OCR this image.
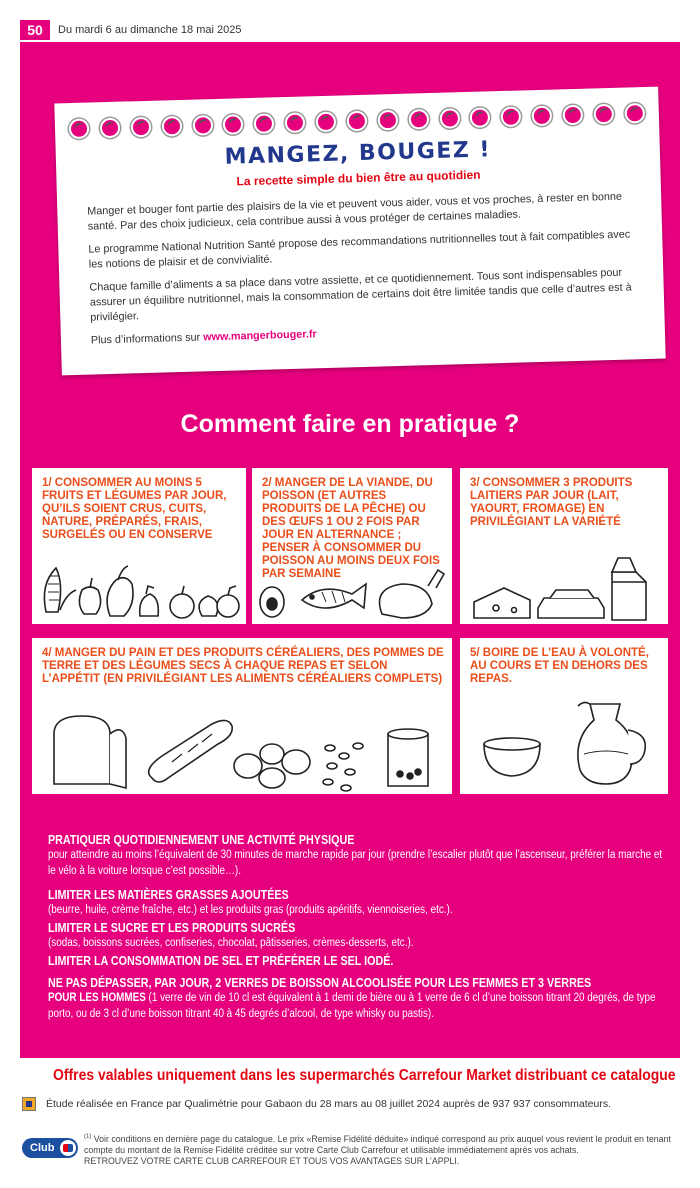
50	Du mardi 6 au dimanche 18 mai 2025
MANGEZ, BOUGEZ !
La recette simple du bien être au quotidien

Manger et bouger font partie des plaisirs de la vie et peuvent vous aider, vous et vos proches, à rester en bonne santé. Par des choix judicieux, cela contribue aussi à vous protéger de certaines maladies.

Le programme National Nutrition Santé propose des recommandations nutritionnelles tout à fait compatibles avec les notions de plaisir et de convivialité.

Chaque famille d’aliments a sa place dans votre assiette, et ce quotidiennement. Tous sont indispensables pour assurer un équilibre nutritionnel, mais la consommation de certains doit être limitée tandis que celle d’autres est à privilégier.

Plus d’informations sur www.mangerbouger.fr

Comment faire en pratique ?
1/ CONSOMMER AU MOINS 5 FRUITS ET LÉGUMES PAR JOUR, QU’ILS SOIENT CRUS, CUITS, NATURE, PRÉPARÉS, FRAIS, SURGELÉS OU EN CONSERVE
2/ MANGER DE LA VIANDE, DU POISSON (ET AUTRES PRODUITS DE LA PÊCHE) OU DES ŒUFS 1 OU 2 FOIS PAR JOUR EN ALTERNANCE ; PENSER À CONSOMMER DU POISSON AU MOINS DEUX FOIS PAR SEMAINE
3/ CONSOMMER 3 PRODUITS LAITIERS PAR JOUR (LAIT, YAOURT, FROMAGE) EN PRIVILÉGIANT LA VARIÉTÉ
4/ MANGER DU PAIN ET DES PRODUITS CÉRÉALIERS, DES POMMES DE TERRE ET DES LÉGUMES SECS À CHAQUE REPAS ET SELON L’APPÉTIT (EN PRIVILÉGIANT LES ALIMENTS CÉRÉALIERS COMPLETS)
5/ BOIRE DE L’EAU À VOLONTÉ, AU COURS ET EN DEHORS DES REPAS.
PRATIQUER QUOTIDIENNEMENT UNE ACTIVITÉ PHYSIQUE
pour atteindre au moins l’équivalent de 30 minutes de marche rapide par jour (prendre l’escalier plutôt que l’ascenseur, préférer la marche et le vélo à la voiture lorsque c’est possible…).
LIMITER LES MATIÈRES GRASSES AJOUTÉES
(beurre, huile, crème fraîche, etc.) et les produits gras (produits apéritifs, viennoiseries, etc.).
LIMITER LE SUCRE ET LES PRODUITS SUCRÉS
(sodas, boissons sucrées, confiseries, chocolat, pâtisseries, crèmes-desserts, etc.).
LIMITER LA CONSOMMATION DE SEL ET PRÉFÉRER LE SEL IODÉ.
NE PAS DÉPASSER, PAR JOUR, 2 VERRES DE BOISSON ALCOOLISÉE POUR LES FEMMES ET 3 VERRES
POUR LES HOMMES (1 verre de vin de 10 cl est équivalent à 1 demi de bière ou à 1 verre de 6 cl d’une boisson titrant 20 degrés, de type porto, ou de 3 cl d’une boisson titrant 40 à 45 degrés d’alcool, de type whisky ou pastis).
Offres valables uniquement dans les supermarchés Carrefour Market distribuant ce catalogue
Étude réalisée en France par Qualimétrie pour Gabaon du 28 mars au 08 juillet 2024 auprès de 937 937 consommateurs.
Club
$^{(1)}$ Voir conditions en dernière page du catalogue. Le prix «Remise Fidélité déduite» indiqué correspond au prix auquel vous revient le produit en tenant compte du montant de la Remise Fidélité créditée sur votre Carte Club Carrefour et utilisable immédiatement après vos achats.
RETROUVEZ VOTRE CARTE CLUB CARREFOUR ET TOUS VOS AVANTAGES SUR L’APPLI.
